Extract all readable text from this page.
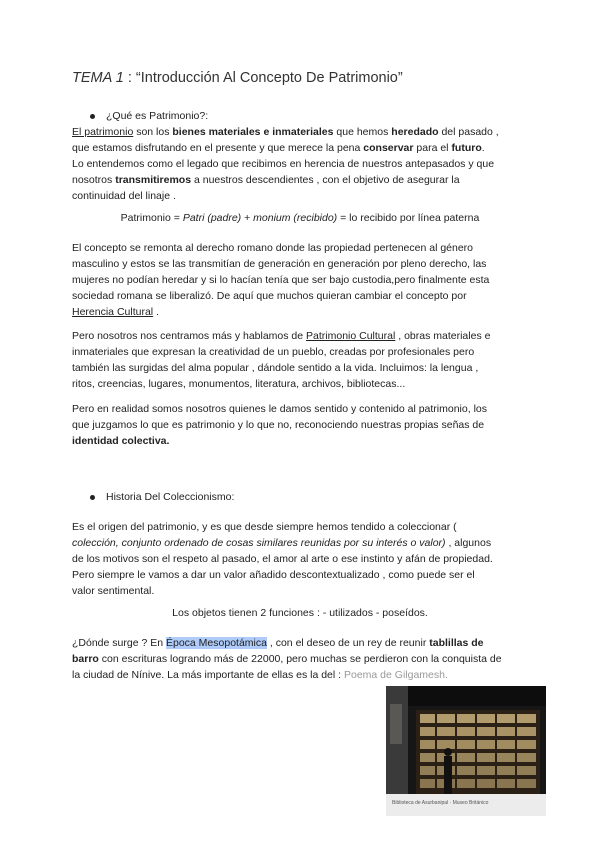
TEMA 1 : “Introducción Al Concepto De Patrimonio”
¿Qué es Patrimonio?:
El patrimonio son los bienes materiales e inmateriales que hemos heredado del pasado ,
que estamos disfrutando en el presente y que merece la pena conservar para el futuro.
Lo entendemos como el legado que recibimos en herencia de nuestros antepasados y que
nosotros transmitiremos a nuestros descendientes , con el objetivo de asegurar la
continuidad del linaje .
Patrimonio = Patri (padre) + monium (recibido) = lo recibido por línea paterna
El concepto se remonta al derecho romano donde las propiedad pertenecen al género
masculino y estos se las transmitían de generación en generación por pleno derecho, las
mujeres no podían heredar y si lo hacían tenía que ser bajo custodia,pero finalmente esta
sociedad romana se liberalizó. De aquí que muchos quieran cambiar el concepto por
Herencia Cultural .
Pero nosotros nos centramos más y hablamos de Patrimonio Cultural , obras materiales e
inmateriales que expresan la creatividad de un pueblo, creadas por profesionales pero
también las surgidas del alma popular , dándole sentido a la vida. Incluimos: la lengua ,
ritos, creencias, lugares, monumentos, literatura, archivos, bibliotecas...
Pero en realidad somos nosotros quienes le damos sentido y contenido al patrimonio, los
que juzgamos lo que es patrimonio y lo que no, reconociendo nuestras propias señas de
identidad colectiva.
Historia Del Coleccionismo:
Es el origen del patrimonio, y es que desde siempre hemos tendido a coleccionar (
colección, conjunto ordenado de cosas similares reunidas por su interés o valor) , algunos
de los motivos son el respeto al pasado, el amor al arte o ese instinto y afán de propiedad.
Pero siempre le vamos a dar un valor añadido descontextualizado , como puede ser el
valor sentimental.
Los objetos tienen 2 funciones : - utilizados - poseídos.
¿Dónde surge ? En Época Mesopotámica , con el deseo de un rey de reunir tablillas de
barro con escrituras logrando más de 22000, pero muchas se perdieron con la conquista de
la ciudad de Nínive. La más importante de ellas es la del : Poema de Gilgamesh.
Biblioteca de Asurbanipal · Museo Británico
